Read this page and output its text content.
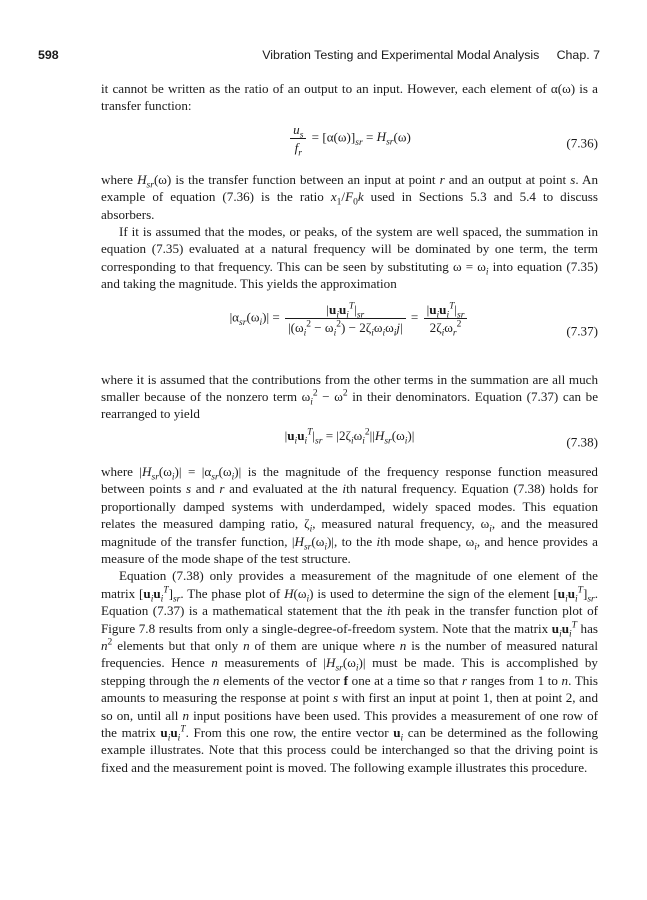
598	Vibration Testing and Experimental Modal Analysis     Chap. 7

it cannot be written as the ratio of an output to an input. However, each element of α(ω) is a transfer function:

$\frac{u_s}{f_r} = [\alpha(\omega)]_{sr} = H_{sr}(\omega)$	(7.36)

where $H_{sr}(\omega)$ is the transfer function between an input at point r and an output at point s. An example of equation (7.36) is the ratio $x_1/F_0k$ used in Sections 5.3 and 5.4 to discuss absorbers.

If it is assumed that the modes, or peaks, of the system are well spaced, the summation in equation (7.35) evaluated at a natural frequency will be dominated by one term, the term corresponding to that frequency. This can be seen by substituting $\omega = \omega_i$ into equation (7.35) and taking the magnitude. This yields the approximation

$|\alpha_{sr}(\omega_i)|$ =	$|u_iu_i^T|_{sr}$
$|(\omega_i^2 - \omega_i^2) - 2\zeta_i\omega_i\omega_ij|$
= $|u_iu_i^T|_{sr}$
$2\zeta_i\omega_r^2$	(7.37)

where it is assumed that the contributions from the other terms in the summation are all much smaller because of the nonzero term $\omega_i^2 - \omega^2$ in their denominators. Equation (7.37) can be rearranged to yield

$|u_iu_i^T|_{sr} = |2\zeta_i\omega_i^2||H_{sr}(\omega_i)|$	(7.38)

where $|H_{sr}(\omega_i)| = |\alpha_{sr}(\omega_i)|$ is the magnitude of the frequency response function measured between points s and r and evaluated at the ith natural frequency. Equation (7.38) holds for proportionally damped systems with underdamped, widely spaced modes. This equation relates the measured damping ratio, $\zeta_i$, measured natural frequency, $\omega_i$, and the measured magnitude of the transfer function, $|H_{sr}(\omega_i)|$, to the ith mode shape, $\omega_i$, and hence provides a measure of the mode shape of the test structure.

Equation (7.38) only provides a measurement of the magnitude of one element of the matrix $[u_iu_i^T]_{sr}$. The phase plot of $H(\omega_i)$ is used to determine the sign of the element $[u_iu_i^T]_{sr}$. Equation (7.37) is a mathematical statement that the ith peak in the transfer function plot of Figure 7.8 results from only a single-degree-of-freedom system. Note that the matrix $u_iu_i^T$ has $n^2$ elements but that only n of them are unique where n is the number of measured natural frequencies. Hence n measurements of $|H_{sr}(\omega_i)|$ must be made. This is accomplished by stepping through the n elements of the vector f one at a time so that r ranges from 1 to n. This amounts to measuring the response at point s with first an input at point 1, then at point 2, and so on, until all n input positions have been used. This provides a measurement of one row of the matrix $u_iu_i^T$. From this one row, the entire vector $u_i$ can be determined as the following example illustrates. Note that this process could be interchanged so that the driving point is fixed and the measurement point is moved. The following example illustrates this procedure.
